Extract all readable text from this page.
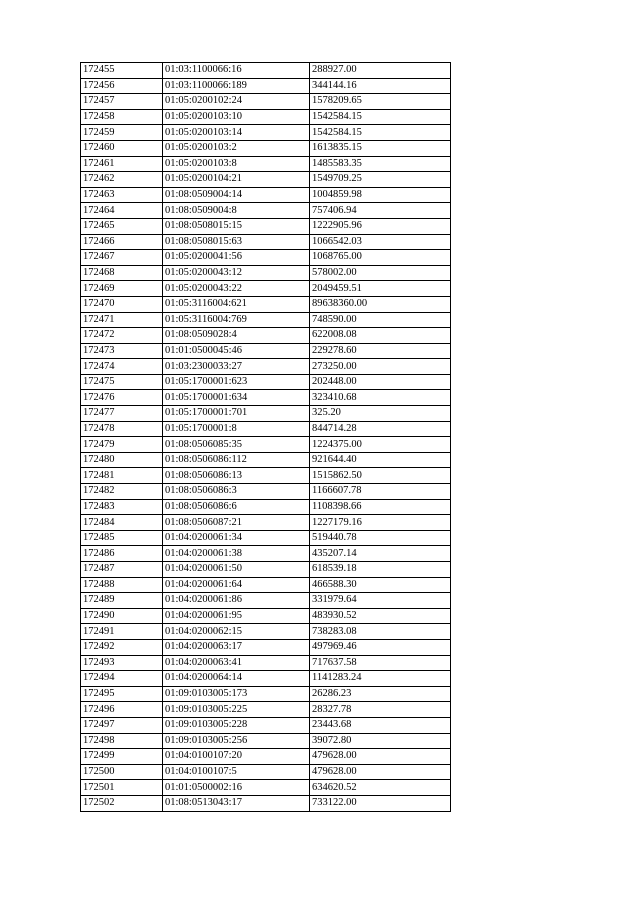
172455	01:03:1100066:16	288927.00
172456	01:03:1100066:189	344144.16
172457	01:05:0200102:24	1578209.65
172458	01:05:0200103:10	1542584.15
172459	01:05:0200103:14	1542584.15
172460	01:05:0200103:2	1613835.15
172461	01:05:0200103:8	1485583.35
172462	01:05:0200104:21	1549709.25
172463	01:08:0509004:14	1004859.98
172464	01:08:0509004:8	757406.94
172465	01:08:0508015:15	1222905.96
172466	01:08:0508015:63	1066542.03
172467	01:05:0200041:56	1068765.00
172468	01:05:0200043:12	578002.00
172469	01:05:0200043:22	2049459.51
172470	01:05:3116004:621	89638360.00
172471	01:05:3116004:769	748590.00
172472	01:08:0509028:4	622008.08
172473	01:01:0500045:46	229278.60
172474	01:03:2300033:27	273250.00
172475	01:05:1700001:623	202448.00
172476	01:05:1700001:634	323410.68
172477	01:05:1700001:701	325.20
172478	01:05:1700001:8	844714.28
172479	01:08:0506085:35	1224375.00
172480	01:08:0506086:112	921644.40
172481	01:08:0506086:13	1515862.50
172482	01:08:0506086:3	1166607.78
172483	01:08:0506086:6	1108398.66
172484	01:08:0506087:21	1227179.16
172485	01:04:0200061:34	519440.78
172486	01:04:0200061:38	435207.14
172487	01:04:0200061:50	618539.18
172488	01:04:0200061:64	466588.30
172489	01:04:0200061:86	331979.64
172490	01:04:0200061:95	483930.52
172491	01:04:0200062:15	738283.08
172492	01:04:0200063:17	497969.46
172493	01:04:0200063:41	717637.58
172494	01:04:0200064:14	1141283.24
172495	01:09:0103005:173	26286.23
172496	01:09:0103005:225	28327.78
172497	01:09:0103005:228	23443.68
172498	01:09:0103005:256	39072.80
172499	01:04:0100107:20	479628.00
172500	01:04:0100107:5	479628.00
172501	01:01:0500002:16	634620.52
172502	01:08:0513043:17	733122.00
